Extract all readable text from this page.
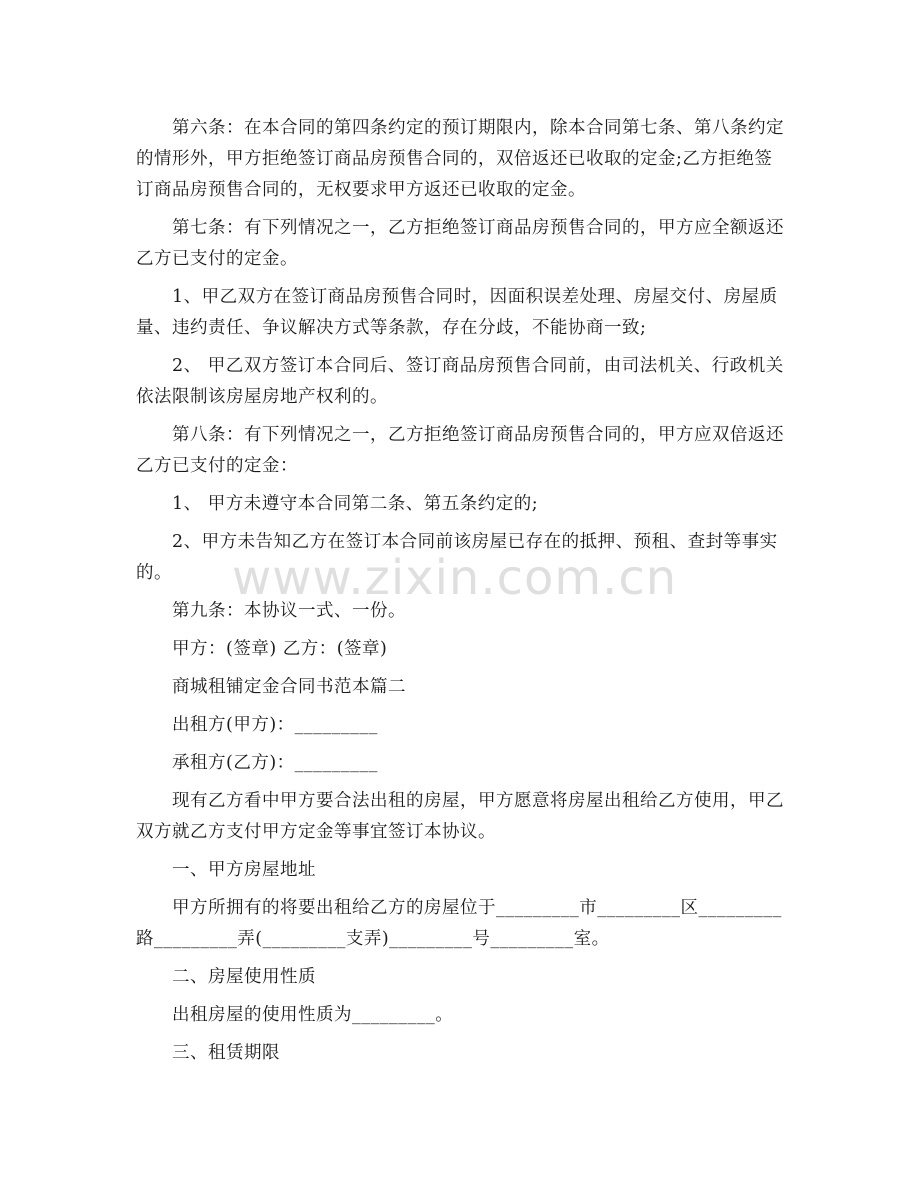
第六条：在本合同的第四条约定的预订期限内，除本合同第七条、第八条约定的情形外，甲方拒绝签订商品房预售合同的，双倍返还已收取的定金;乙方拒绝签订商品房预售合同的，无权要求甲方返还已收取的定金。

第七条：有下列情况之一，乙方拒绝签订商品房预售合同的，甲方应全额返还乙方已支付的定金。

1、甲乙双方在签订商品房预售合同时，因面积误差处理、房屋交付、房屋质量、违约责任、争议解决方式等条款，存在分歧，不能协商一致;

2、 甲乙双方签订本合同后、签订商品房预售合同前，由司法机关、行政机关依法限制该房屋房地产权利的。

第八条：有下列情况之一，乙方拒绝签订商品房预售合同的，甲方应双倍返还乙方已支付的定金：

1、 甲方未遵守本合同第二条、第五条约定的;

2、甲方未告知乙方在签订本合同前该房屋已存在的抵押、预租、查封等事实的。

第九条：本协议一式、一份。

甲方：(签章) 乙方：(签章)

商城租铺定金合同书范本篇二

出租方(甲方)：_________

承租方(乙方)：_________

现有乙方看中甲方要合法出租的房屋，甲方愿意将房屋出租给乙方使用，甲乙双方就乙方支付甲方定金等事宜签订本协议。

一、甲方房屋地址

甲方所拥有的将要出租给乙方的房屋位于_________市_________区_________路_________弄(_________支弄)_________号_________室。

二、房屋使用性质

出租房屋的使用性质为_________。

三、租赁期限

www.zixin.com.cn
